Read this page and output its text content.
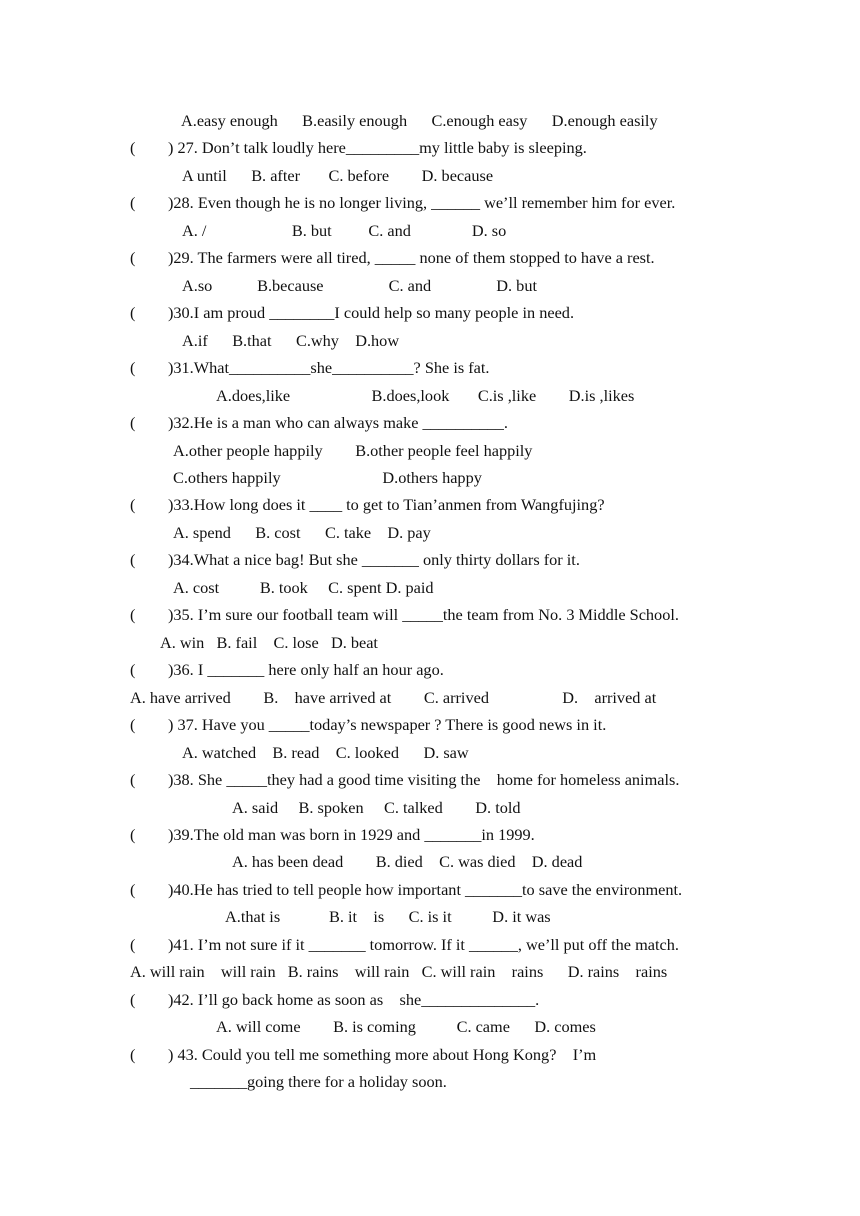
A.easy enough      B.easily enough      C.enough easy      D.enough easily
(        ) 27. Don’t talk loudly here_________my little baby is sleeping.
A until      B. after       C. before        D. because
(        )28. Even though he is no longer living, ______ we’ll remember him for ever.
A. /                     B. but         C. and               D. so
(        )29. The farmers were all tired, _____ none of them stopped to have a rest.
A.so           B.because                C. and                D. but
(        )30.I am proud ________I could help so many people in need.
A.if      B.that      C.why    D.how
(        )31.What__________she__________? She is fat.
A.does,like                    B.does,look       C.is ,like        D.is ,likes
(        )32.He is a man who can always make __________.
A.other people happily        B.other people feel happily
C.others happily                         D.others happy
(        )33.How long does it ____ to get to Tian’anmen from Wangfujing?
A. spend      B. cost      C. take    D. pay
(        )34.What a nice bag! But she _______ only thirty dollars for it.
A. cost          B. took     C. spent D. paid
(        )35. I’m sure our football team will _____the team from No. 3 Middle School.
A. win   B. fail    C. lose   D. beat
(        )36. I _______ here only half an hour ago.
A. have arrived        B.    have arrived at        C. arrived                  D.    arrived at
(        ) 37. Have you _____today’s newspaper ? There is good news in it.
A. watched    B. read    C. looked      D. saw
(        )38. She _____they had a good time visiting the    home for homeless animals.
A. said     B. spoken     C. talked        D. told
(        )39.The old man was born in 1929 and _______in 1999.
A. has been dead        B. died    C. was died    D. dead
(        )40.He has tried to tell people how important _______to save the environment.
A.that is            B. it    is      C. is it          D. it was
(        )41. I’m not sure if it _______ tomorrow. If it ______, we’ll put off the match.
A. will rain    will rain   B. rains    will rain   C. will rain    rains      D. rains    rains
(        )42. I’ll go back home as soon as    she______________.
A. will come        B. is coming          C. came      D. comes
(        ) 43. Could you tell me something more about Hong Kong?    I’m
_______going there for a holiday soon.
